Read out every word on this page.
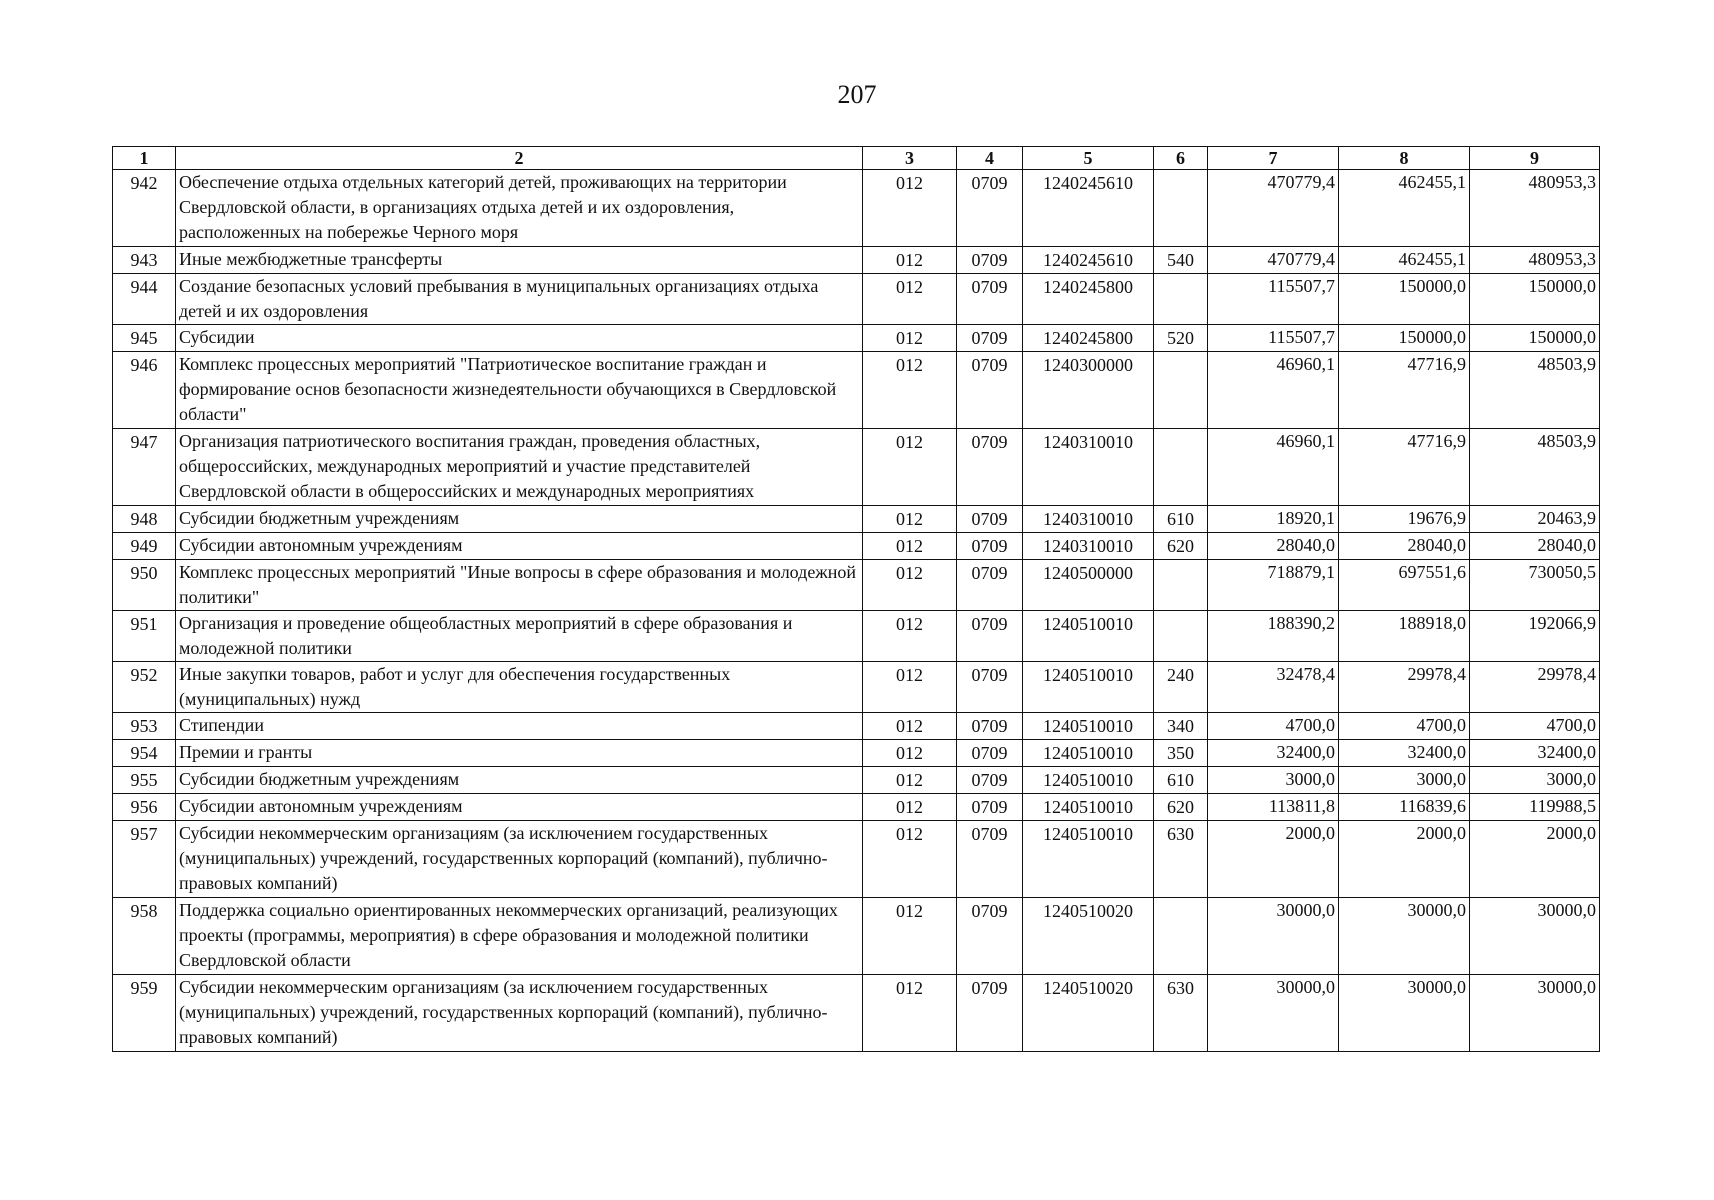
207
1	2	3	4	5	6	7	8	9
942	Обеспечение отдыха отдельных категорий детей, проживающих на территории Свердловской области, в организациях отдыха детей и их оздоровления, расположенных на побережье Черного моря	012	0709	1240245610		470779,4	462455,1	480953,3
943	Иные межбюджетные трансферты	012	0709	1240245610	540	470779,4	462455,1	480953,3
944	Создание безопасных условий пребывания в муниципальных организациях отдыха детей и их оздоровления	012	0709	1240245800		115507,7	150000,0	150000,0
945	Субсидии	012	0709	1240245800	520	115507,7	150000,0	150000,0
946	Комплекс процессных мероприятий "Патриотическое воспитание граждан и формирование основ безопасности жизнедеятельности обучающихся в Свердловской области"	012	0709	1240300000		46960,1	47716,9	48503,9
947	Организация патриотического воспитания граждан, проведения областных, общероссийских, международных мероприятий и участие представителей Свердловской области в общероссийских и международных мероприятиях	012	0709	1240310010		46960,1	47716,9	48503,9
948	Субсидии бюджетным учреждениям	012	0709	1240310010	610	18920,1	19676,9	20463,9
949	Субсидии автономным учреждениям	012	0709	1240310010	620	28040,0	28040,0	28040,0
950	Комплекс процессных мероприятий "Иные вопросы в сфере образования и молодежной политики"	012	0709	1240500000		718879,1	697551,6	730050,5
951	Организация и проведение общеобластных мероприятий в сфере образования и молодежной политики	012	0709	1240510010		188390,2	188918,0	192066,9
952	Иные закупки товаров, работ и услуг для обеспечения государственных (муниципальных) нужд	012	0709	1240510010	240	32478,4	29978,4	29978,4
953	Стипендии	012	0709	1240510010	340	4700,0	4700,0	4700,0
954	Премии и гранты	012	0709	1240510010	350	32400,0	32400,0	32400,0
955	Субсидии бюджетным учреждениям	012	0709	1240510010	610	3000,0	3000,0	3000,0
956	Субсидии автономным учреждениям	012	0709	1240510010	620	113811,8	116839,6	119988,5
957	Субсидии некоммерческим организациям (за исключением государственных (муниципальных) учреждений, государственных корпораций (компаний), публично-правовых компаний)	012	0709	1240510010	630	2000,0	2000,0	2000,0
958	Поддержка социально ориентированных некоммерческих организаций, реализующих проекты (программы, мероприятия) в сфере образования и молодежной политики Свердловской области	012	0709	1240510020		30000,0	30000,0	30000,0
959	Субсидии некоммерческим организациям (за исключением государственных (муниципальных) учреждений, государственных корпораций (компаний), публично-правовых компаний)	012	0709	1240510020	630	30000,0	30000,0	30000,0
